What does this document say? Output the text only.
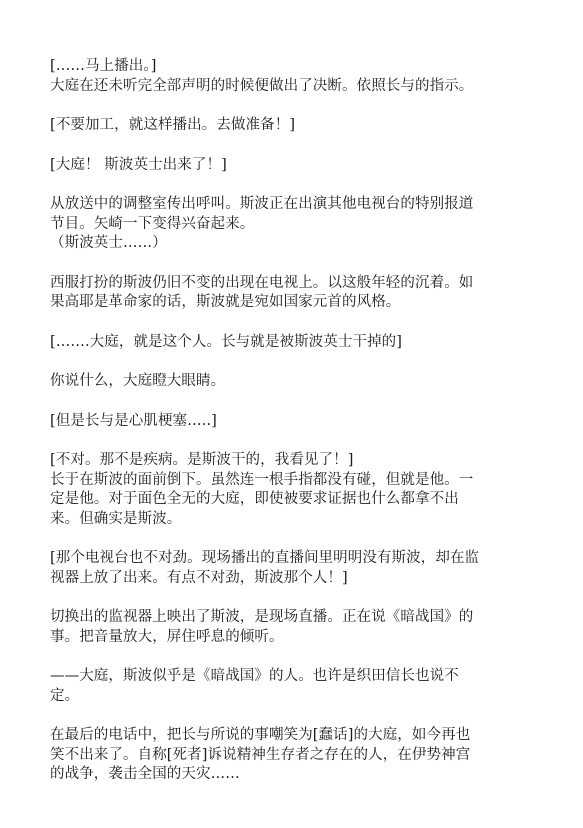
[……马上播出。]
大庭在还未听完全部声明的时候便做出了决断。依照长与的指示。

[不要加工，就这样播出。去做准备！]

[大庭！ 斯波英士出来了！]

从放送中的调整室传出呼叫。斯波正在出演其他电视台的特别报道
节目。矢崎一下变得兴奋起来。
（斯波英士……）

西服打扮的斯波仍旧不变的出现在电视上。以这般年轻的沉着。如
果高耶是革命家的话，斯波就是宛如国家元首的风格。

[…….大庭，就是这个人。长与就是被斯波英士干掉的]

你说什么，大庭瞪大眼睛。

[但是长与是心肌梗塞…..]

[不对。那不是疾病。是斯波干的，我看见了！]
长于在斯波的面前倒下。虽然连一根手指都没有碰，但就是他。一
定是他。对于面色全无的大庭，即使被要求证据也什么都拿不出
来。但确实是斯波。

[那个电视台也不对劲。现场播出的直播间里明明没有斯波，却在监
视器上放了出来。有点不对劲，斯波那个人！]

切换出的监视器上映出了斯波，是现场直播。正在说《暗战国》的
事。把音量放大，屏住呼息的倾听。

——大庭，斯波似乎是《暗战国》的人。也许是织田信长也说不
定。

在最后的电话中，把长与所说的事嘲笑为[蠢话]的大庭，如今再也
笑不出来了。自称[死者]诉说精神生存者之存在的人，在伊势神宫
的战争，袭击全国的天灾……
